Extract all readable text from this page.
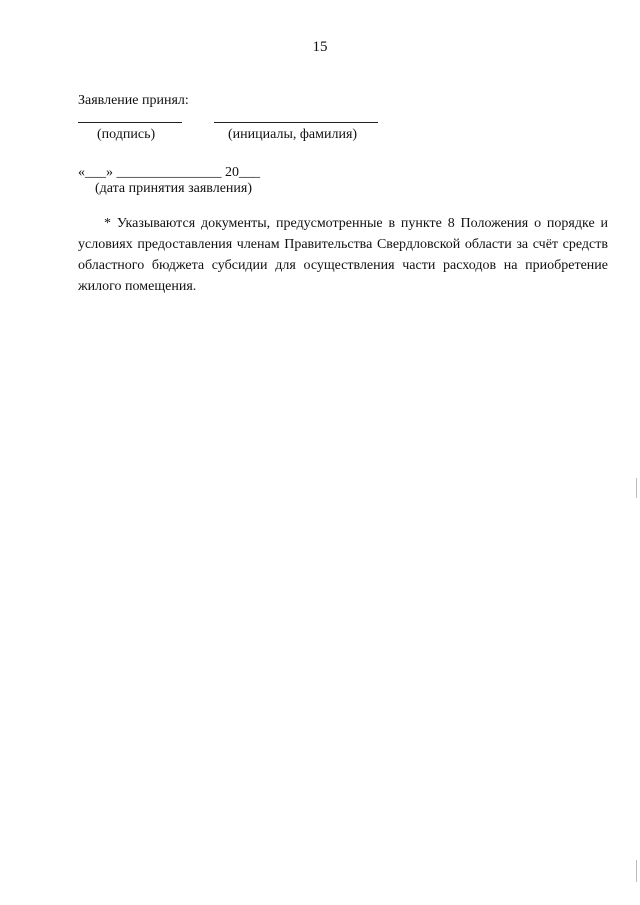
15
Заявление принял:
(подпись)	(инициалы, фамилия)
«___» _______________ 20___
(дата принятия заявления)
* Указываются документы, предусмотренные в пункте 8 Положения о порядке и условиях предоставления членам Правительства Свердловской области за счёт средств областного бюджета субсидии для осуществления части расходов на приобретение жилого помещения.
